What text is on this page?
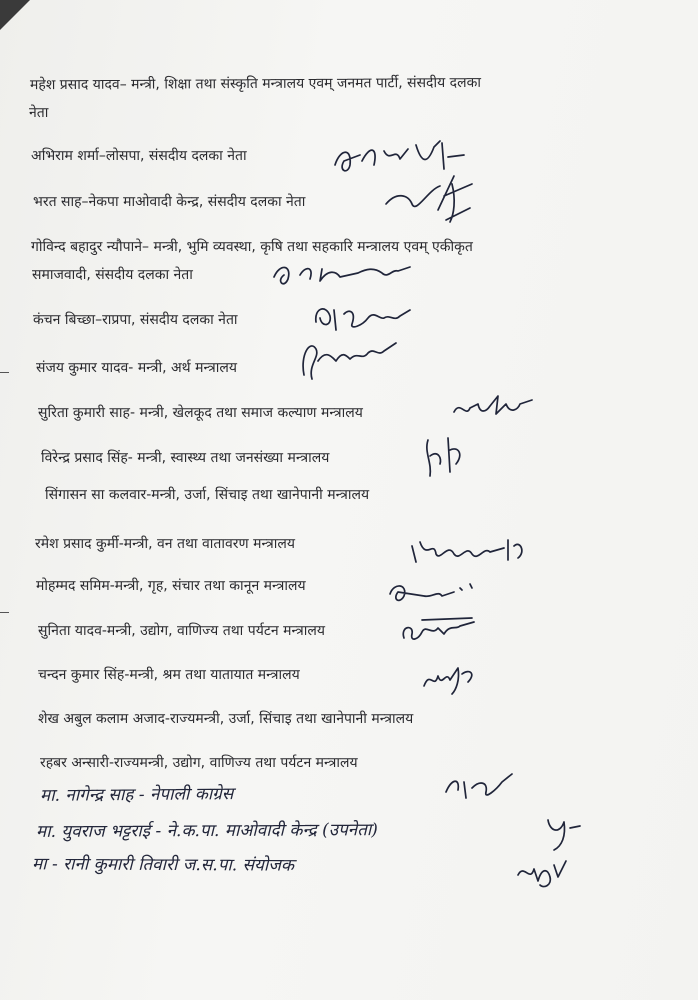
महेश प्रसाद यादव– मन्त्री, शिक्षा तथा संस्कृति मन्त्रालय एवम् जनमत पार्टी, संसदीय दलका
नेता
अभिराम शर्मा–लोसपा, संसदीय दलका नेता
भरत साह–नेकपा माओवादी केन्द्र, संसदीय दलका नेता
गोविन्द बहादुर न्यौपाने– मन्त्री, भुमि व्यवस्था, कृषि तथा सहकारि मन्त्रालय एवम् एकीकृत
समाजवादी, संसदीय दलका नेता
कंचन बिच्छा–राप्रपा, संसदीय दलका नेता
संजय कुमार यादव- मन्त्री, अर्थ मन्त्रालय
सुरिता कुमारी साह- मन्त्री, खेलकूद तथा समाज कल्याण मन्त्रालय
विरेन्द्र प्रसाद सिंह- मन्त्री, स्वास्थ्य तथा जनसंख्या मन्त्रालय
सिंगासन सा कलवार-मन्त्री, उर्जा, सिंचाइ तथा खानेपानी मन्त्रालय
रमेश प्रसाद कुर्मी-मन्त्री, वन तथा वातावरण मन्त्रालय
मोहम्मद समिम-मन्त्री, गृह, संचार तथा कानून मन्त्रालय
सुनिता यादव-मन्त्री, उद्योग, वाणिज्य तथा पर्यटन मन्त्रालय
चन्दन कुमार सिंह-मन्त्री, श्रम तथा यातायात मन्त्रालय
शेख अबुल कलाम अजाद-राज्यमन्त्री, उर्जा, सिंचाइ तथा खानेपानी मन्त्रालय
रहबर अन्सारी-राज्यमन्त्री, उद्योग, वाणिज्य तथा पर्यटन मन्त्रालय
मा. नागेन्द्र साह - नेपाली काग्रेस
मा. युवराज भट्टराई - ने.क.पा. माओवादी केन्द्र (उपनेता)
मा - रानी कुमारी तिवारी ज.स.पा. संयोजक
